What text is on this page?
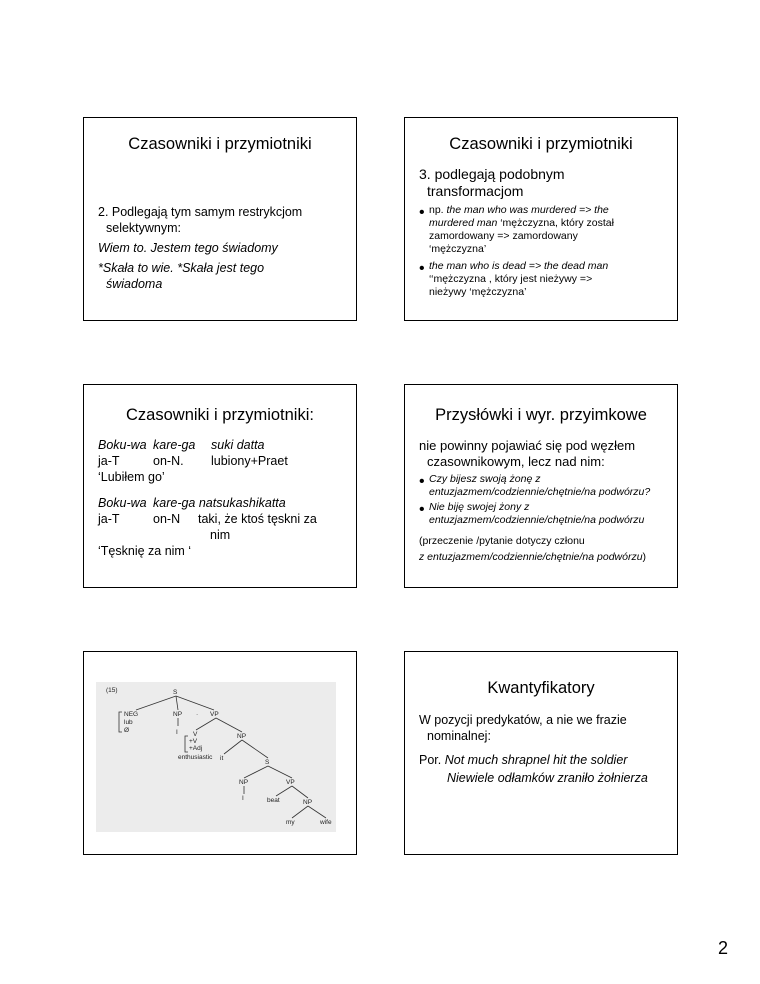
Czasowniki i przymiotniki
2. Podlegają tym samym restrykcjom
selektywnym:
Wiem to. Jestem tego świadomy
*Skała to wie. *Skała jest tego
świadoma
Czasowniki i przymiotniki
3. podlegają podobnym
transformacjom
• np. the man who was murdered => the
murdered man ‘mężczyzna, który został
zamordowany => zamordowany
‘mężczyzna’
• the man who is dead => the dead man
‘‘mężczyzna , który jest nieżywy =>
nieżywy ‘mężczyzna’
Czasowniki i przymiotniki:
Boku-wa kare-ga	suki datta
ja-T	on-N.	lubiony+Praet
‘Lubiłem go’
Boku-wa kare-ga natsukashikatta
ja-T	on-N	taki, że ktoś tęskni za
nim
‘Tęsknię za nim ‘
Przysłówki i wyr. przyimkowe
nie powinny pojawiać się pod węzłem
czasownikowym, lecz nad nim:
• Czy bijesz swoją żonę z
entuzjazmem/codziennie/chętnie/na podwórzu?
• Nie biję swojej żony z
entuzjazmem/codziennie/chętnie/na podwórzu
(przeczenie /pytanie dotyczy członu
z entuzjazmem/codziennie/chętnie/na podwórzu)
(15)	S
NEG
lub
Ø
NP · VP
I V	NP
+V
+Adj
enthusiastic it
S
NP	VP
I	beat	NP
my	wife
Kwantyfikatory
W pozycji predykatów, a nie we frazie
nominalnej:
Por. Not much shrapnel hit the soldier
Niewiele odłamków zraniło żołnierza
2
